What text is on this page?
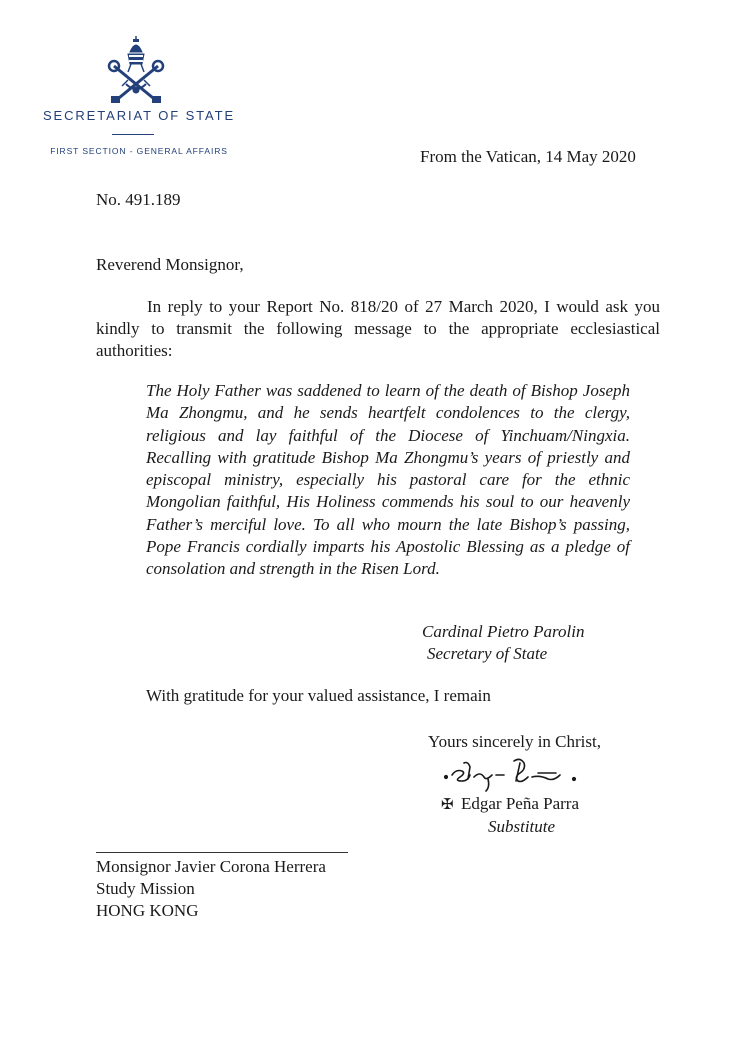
SECRETARIAT OF STATE
FIRST SECTION - GENERAL AFFAIRS	From the Vatican, 14 May 2020
No. 491.189
Reverend Monsignor,
In reply to your Report No. 818/20 of 27 March 2020, I would ask you kindly to transmit the following message to the appropriate ecclesiastical authorities:
The Holy Father was saddened to learn of the death of Bishop Joseph Ma Zhongmu, and he sends heartfelt condolences to the clergy, religious and lay faithful of the Diocese of Yinchuam/Ningxia. Recalling with gratitude Bishop Ma Zhongmu’s years of priestly and episcopal ministry, especially his pastoral care for the ethnic Mongolian faithful, His Holiness commends his soul to our heavenly Father’s merciful love. To all who mourn the late Bishop’s passing, Pope Francis cordially imparts his Apostolic Blessing as a pledge of consolation and strength in the Risen Lord.
Cardinal Pietro Parolin
Secretary of State
With gratitude for your valued assistance, I remain
Yours sincerely in Christ,
✠ Edgar Peña Parra
Substitute
Monsignor Javier Corona Herrera
Study Mission
HONG KONG
